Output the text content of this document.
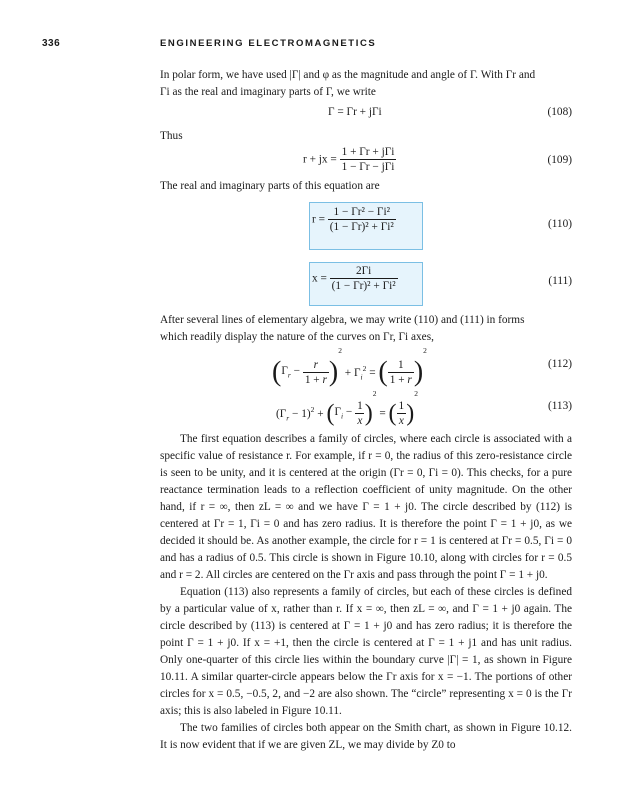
336	ENGINEERING ELECTROMAGNETICS
In polar form, we have used |Γ| and φ as the magnitude and angle of Γ. With Γr and
Γi as the real and imaginary parts of Γ, we write
Γ = Γr + jΓi	(108)
Thus
r + jx = $\frac{\text{1 + Γr + jΓi}}{\text{1 − Γr − jΓi}}$	(109)
The real and imaginary parts of this equation are
$r = \frac{\text{1 − Γr² − Γi²}}{\text{(1 − Γr)² + Γi²}}$	(110)
$x = \frac{2\Gamma i}{\text{(1 − Γr)² + Γi²}}$	(111)
After several lines of elementary algebra, we may write (110) and (111) in forms
which readily display the nature of the curves on Γr, Γi axes,
$(\Gamma_r - \frac{r}{1 + r} )^2 + \Gamma_i^2$ = ( $\frac{1}{1 + r} )^2$
(112)
$(\Gamma_r - 1)^2 + (\Gamma_i - \frac{1}{x} )^2$ = ( $\frac{1}{x} )^2$
(113)

The first equation describes a family of circles, where each circle is associated with a specific value of resistance r. For example, if r = 0, the radius of this zero-resistance circle is seen to be unity, and it is centered at the origin (Γr = 0, Γi = 0). This checks, for a pure reactance termination leads to a reflection coefficient of unity magnitude. On the other hand, if r = ∞, then zL = ∞ and we have Γ = 1 + j0. The circle described by (112) is centered at Γr = 1, Γi = 0 and has zero radius. It is therefore the point Γ = 1 + j0, as we decided it should be. As another example, the circle for r = 1 is centered at Γr = 0.5, Γi = 0 and has a radius of 0.5. This circle is shown in Figure 10.10, along with circles for r = 0.5 and r = 2. All circles are centered on the Γr axis and pass through the point Γ = 1 + j0.

Equation (113) also represents a family of circles, but each of these circles is defined by a particular value of x, rather than r. If x = ∞, then zL = ∞, and Γ = 1 + j0 again. The circle described by (113) is centered at Γ = 1 + j0 and has zero radius; it is therefore the point Γ = 1 + j0. If x = +1, then the circle is centered at Γ = 1 + j1 and has unit radius. Only one-quarter of this circle lies within the boundary curve |Γ| = 1, as shown in Figure 10.11. A similar quarter-circle appears below the Γr axis for x = −1. The portions of other circles for x = 0.5, −0.5, 2, and −2 are also shown. The “circle” representing x = 0 is the Γr axis; this is also labeled in Figure 10.11.

The two families of circles both appear on the Smith chart, as shown in Figure 10.12. It is now evident that if we are given ZL, we may divide by Z0 to
